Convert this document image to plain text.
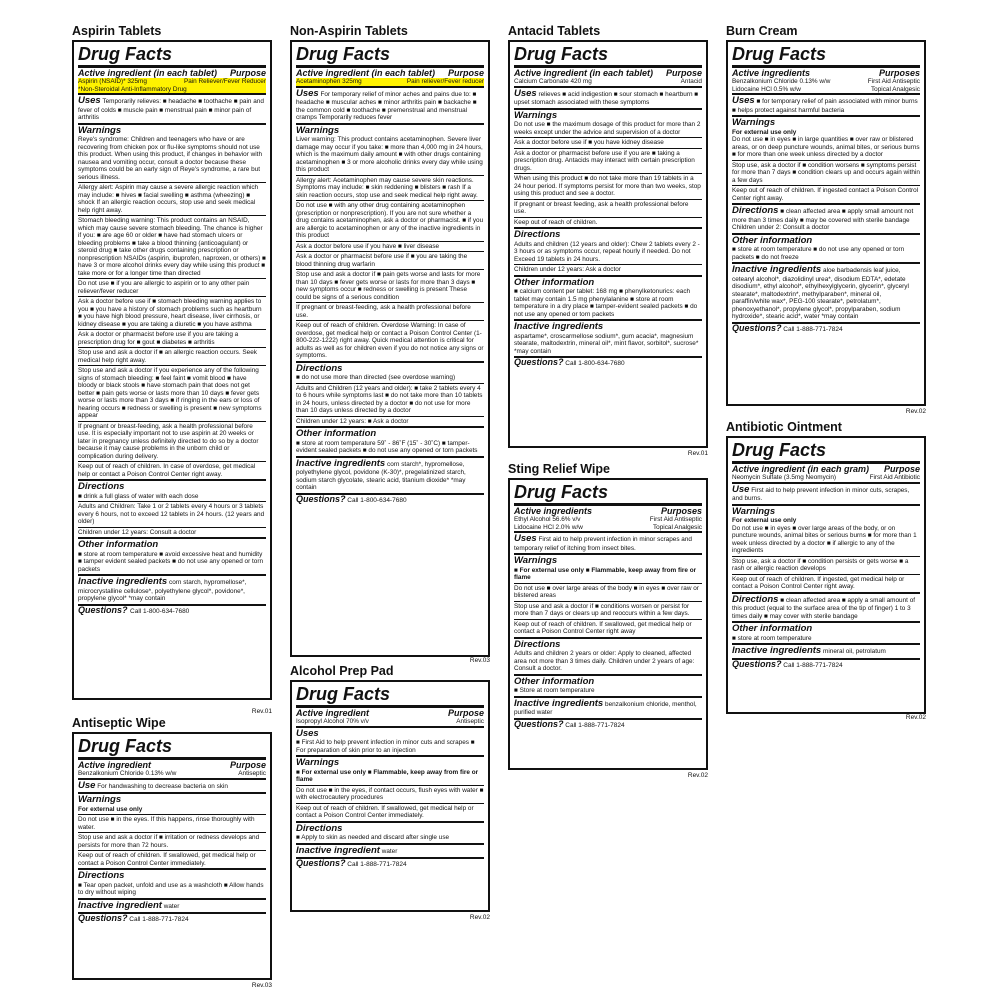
Aspirin Tablets
Drug Facts
Active ingredient (in each tablet) Purpose
Aspirin (NSAID)* 325mg	Pain Reliever/Fever Reducer
*Non-Steroidal Anti-Inflammatory Drug
Uses Temporarily relieves: ■ headache ■ toothache ■ pain and fever of colds ■ muscle pain ■ menstrual pain ■ minor pain of arthritis
Warnings
Reye's syndrome: Children and teenagers who have or are recovering from chicken pox or flu-like symptoms should not use this product. When using this product, if changes in behavior with nausea and vomiting occur, consult a doctor because these symptoms could be an early sign of Reye's syndrome, a rare but serious illness.
Allergy alert: Aspirin may cause a severe allergic reaction which may include: ■ hives ■ facial swelling ■ asthma (wheezing) ■ shock If an allergic reaction occurs, stop use and seek medical help right away.
Stomach bleeding warning: This product contains an NSAID, which may cause severe stomach bleeding. The chance is higher if you: ■ are age 60 or older ■ have had stomach ulcers or bleeding problems ■ take a blood thinning (anticoagulant) or steroid drug ■ take other drugs containing prescription or nonprescription NSAIDs (aspirin, ibuprofen, naproxen, or others) ■ have 3 or more alcohol drinks every day while using this product ■ take more or for a longer time than directed
Do not use ■ if you are allergic to aspirin or to any other pain reliever/fever reducer
Ask a doctor before use if ■ stomach bleeding warning applies to you ■ you have a history of stomach problems such as heartburn ■ you have high blood pressure, heart disease, liver cirrhosis, or kidney disease ■ you are taking a diuretic ■ you have asthma
Ask a doctor or pharmacist before use if you are taking a prescription drug for ■ gout ■ diabetes ■ arthritis
Stop use and ask a doctor if ■ an allergic reaction occurs. Seek medical help right away.
Stop use and ask a doctor if you experience any of the following signs of stomach bleeding: ■ feel faint ■ vomit blood ■ have bloody or black stools ■ have stomach pain that does not get better ■ pain gets worse or lasts more than 10 days ■ fever gets worse or lasts more than 3 days ■ if ringing in the ears or loss of hearing occurs ■ redness or swelling is present ■ new symptoms appear
If pregnant or breast-feeding, ask a health professional before use. It is especially important not to use aspirin at 20 weeks or later in pregnancy unless definitely directed to do so by a doctor because it may cause problems in the unborn child or complication during delivery.
Keep out of reach of children. In case of overdose, get medical help or contact a Poison Control Center right away.
Directions
■ drink a full glass of water with each dose
Adults and Children: Take 1 or 2 tablets every 4 hours or 3 tablets every 6 hours, not to exceed 12 tablets in 24 hours. (12 years and older)
Children under 12 years: Consult a doctor
Other information
■ store at room temperature ■ avoid excessive heat and humidity ■ tamper evident sealed packets ■ do not use any opened or torn packets
Inactive ingredients corn starch, hypromellose*, microcrystalline cellulose*, polyethylene glycol*, povidone*, propylene glycol* *may contain
Questions? Call 1-800-634-7680
Rev.01
Non-Aspirin Tablets
Drug Facts
Active ingredient (in each tablet) Purpose
Acetaminophen 325mg	Pain reliever/Fever reducer
Uses For temporary relief of minor aches and pains due to: ■ headache ■ muscular aches ■ minor arthritis pain ■ backache ■ the common cold ■ toothache ■ premenstrual and menstrual cramps Temporarily reduces fever
Warnings
Liver warning: This product contains acetaminophen. Severe liver damage may occur if you take: ■ more than 4,000 mg in 24 hours, which is the maximum daily amount ■ with other drugs containing acetaminophen ■ 3 or more alcoholic drinks every day while using this product
Allergy alert: Acetaminophen may cause severe skin reactions. Symptoms may include: ■ skin reddening ■ blisters ■ rash If a skin reaction occurs, stop use and seek medical help right away.
Do not use ■ with any other drug containing acetaminophen (prescription or nonprescription). If you are not sure whether a drug contains acetaminophen, ask a doctor or pharmacist. ■ if you are allergic to acetaminophen or any of the inactive ingredients in this product
Ask a doctor before use if you have ■ liver disease
Ask a doctor or pharmacist before use if ■ you are taking the blood thinning drug warfarin
Stop use and ask a doctor if ■ pain gets worse and lasts for more than 10 days ■ fever gets worse or lasts for more than 3 days ■ new symptoms occur ■ redness or swelling is present These could be signs of a serious condition
If pregnant or breast-feeding, ask a health professional before use.
Keep out of reach of children. Overdose Warning: In case of overdose, get medical help or contact a Poison Control Center (1-800-222-1222) right away. Quick medical attention is critical for adults as well as for children even if you do not notice any signs or symptoms.
Directions
■ do not use more than directed (see overdose warning)
Adults and Children (12 years and older): ■ take 2 tablets every 4 to 6 hours while symptoms last ■ do not take more than 10 tablets in 24 hours, unless directed by a doctor ■ do not use for more than 10 days unless directed by a doctor
Children under 12 years: ■ Ask a doctor
Other information
■ store at room temperature 59˚ - 86˚F (15˚ - 30˚C) ■ tamper-evident sealed packets ■ do not use any opened or torn packets
Inactive ingredients corn starch*, hypromellose, polyethylene glycol, povidone (K-30)*, pregelatinized starch, sodium starch glycolate, stearic acid, titanium dioxide* *may contain
Questions? Call 1-800-634-7680
Rev.03
Antacid Tablets
Drug Facts
Active ingredient (in each tablet) Purpose
Calcium Carbonate 420 mg	Antacid
Uses relieves ■ acid indigestion ■ sour stomach ■ heartburn ■ upset stomach associated with these symptoms
Warnings
Do not use ■ the maximum dosage of this product for more than 2 weeks except under the advice and supervision of a doctor
Ask a doctor before use if ■ you have kidney disease
Ask a doctor or pharmacist before use if you are ■ taking a prescription drug. Antacids may interact with certain prescription drugs.
When using this product ■ do not take more than 19 tablets in a 24 hour period. If symptoms persist for more than two weeks, stop using this product and see a doctor.
If pregnant or breast feeding, ask a health professional before use.
Keep out of reach of children.
Directions
Adults and children (12 years and older): Chew 2 tablets every 2 - 3 hours or as symptoms occur, repeat hourly if needed. Do not Exceed 19 tablets in 24 hours.
Children under 12 years: Ask a doctor
Other information
■ calcium content per tablet: 168 mg ■ phenylketonurics: each tablet may contain 1.5 mg phenylalanine ■ store at room temperature in a dry place ■ tamper-evident sealed packets ■ do not use any opened or torn packets
Inactive ingredients
aspartame*, croscarmellose sodium*, gum acacia*, magnesium stearate, maltodextrin, mineral oil*, mint flavor, sorbitol*, sucrose* *may contain
Questions? Call 1-800-634-7680
Rev.01
Sting Relief Wipe
Drug Facts
Active ingredients	Purposes
Ethyl Alcohol 56.6% v/v	First Aid Antiseptic
Lidocaine HCl 2.0% w/w	Topical Analgesic
Uses First aid to help prevent infection in minor scrapes and temporary relief of itching from insect bites.
Warnings
■ For external use only ■ Flammable, keep away from fire or flame
Do not use ■ over large areas of the body ■ in eyes ■ over raw or blistered areas
Stop use and ask a doctor if ■ conditions worsen or persist for more than 7 days or clears up and reoccurs within a few days.
Keep out of reach of children. If swallowed, get medical help or contact a Poison Control Center right away
Directions
Adults and children 2 years or older: Apply to cleaned, affected area not more than 3 times daily. Children under 2 years of age: Consult a doctor.
Other information
■ Store at room temperature
Inactive ingredients benzalkonium chloride, menthol, purified water
Questions? Call 1-888-771-7824
Rev.02
Burn Cream
Drug Facts
Active ingredients	Purposes
Benzalkonium Chloride 0.13% w/w	First Aid Antiseptic
Lidocaine HCl 0.5% w/w	Topical Analgesic
Uses ■ for temporary relief of pain associated with minor burns ■ helps protect against harmful bacteria
Warnings
For external use only
Do not use ■ in eyes ■ in large quantities ■ over raw or blistered areas, or on deep puncture wounds, animal bites, or serious burns ■ for more than one week unless directed by a doctor
Stop use, ask a doctor if ■ condition worsens ■ symptoms persist for more than 7 days ■ condition clears up and occurs again within a few days
Keep out of reach of children. If ingested contact a Poison Control Center right away.
Directions ■ clean affected area ■ apply small amount not more than 3 times daily ■ may be covered with sterile bandage Children under 2: Consult a doctor
Other information
■ store at room temperature ■ do not use any opened or torn packets ■ do not freeze
Inactive ingredients aloe barbadensis leaf juice, cetearyl alcohol*, diazolidinyl urea*, disodium EDTA*, edetate disodium*, ethyl alcohol*, ethylhexylglycerin, glycerin*, glyceryl stearate*, maltodextrin*, methylparaben*, mineral oil, paraffin/white wax*, PEG-100 stearate*, petrolatum*, phenoxyethanol*, propylene glycol*, propylparaben, sodium hydroxide*, stearic acid*, water *may contain
Questions? Call 1-888-771-7824
Rev.02
Antibiotic Ointment
Drug Facts
Active ingredient (in each gram) Purpose
Neomycin Sulfate (3.5mg Neomycin)	First Aid Antibiotic
Use First aid to help prevent infection in minor cuts, scrapes, and burns.
Warnings
For external use only
Do not use ■ in eyes ■ over large areas of the body, or on puncture wounds, animal bites or serious burns ■ for more than 1 week unless directed by a doctor ■ if allergic to any of the ingredients
Stop use, ask a doctor if ■ condition persists or gets worse ■ a rash or allergic reaction develops
Keep out of reach of children. If ingested, get medical help or contact a Poison Control Center right away.
Directions ■ clean affected area ■ apply a small amount of this product (equal to the surface area of the tip of finger) 1 to 3 times daily ■ may cover with sterile bandage
Other information
■ store at room temperature
Inactive ingredients mineral oil, petrolatum
Questions? Call 1-888-771-7824
Rev.02
Alcohol Prep Pad
Drug Facts
Active ingredient	Purpose
Isopropyl Alcohol 70% v/v	Antiseptic
Uses
■ First Aid to help prevent infection in minor cuts and scrapes ■ For preparation of skin prior to an injection
Warnings
■ For external use only ■ Flammable, keep away from fire or flame
Do not use ■ in the eyes, if contact occurs, flush eyes with water ■ with electrocautery procedures
Keep out of reach of children. If swallowed, get medical help or contact a Poison Control Center immediately.
Directions
■ Apply to skin as needed and discard after single use
Inactive ingredient water
Questions? Call 1-888-771-7824
Rev.02
Antiseptic Wipe
Drug Facts
Active ingredient	Purpose
Benzalkonium Chloride 0.13% w/w	Antiseptic
Use For handwashing to decrease bacteria on skin
Warnings
For external use only
Do not use ■ in the eyes. If this happens, rinse thoroughly with water.
Stop use and ask a doctor if ■ irritation or redness develops and persists for more than 72 hours.
Keep out of reach of children. If swallowed, get medical help or contact a Poison Control Center immediately.
Directions
■ Tear open packet, unfold and use as a washcloth ■ Allow hands to dry without wiping
Inactive ingredient water
Questions? Call 1-888-771-7824
Rev.03
